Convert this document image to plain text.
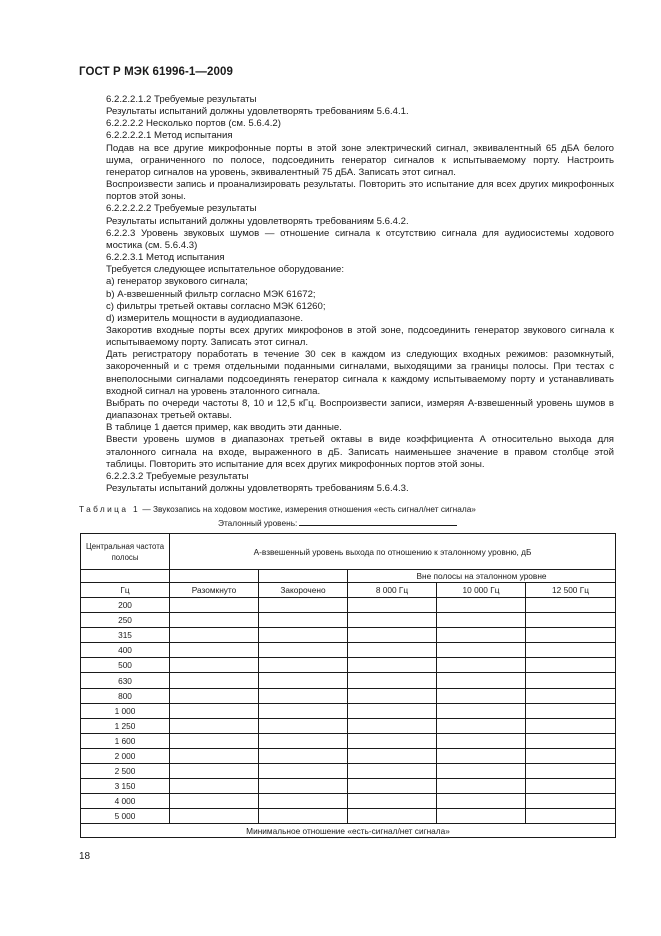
ГОСТ Р МЭК 61996-1—2009

6.2.2.2.1.2 Требуемые результаты

Результаты испытаний должны удовлетворять требованиям 5.6.4.1.

6.2.2.2.2 Несколько портов (см. 5.6.4.2)

6.2.2.2.2.1 Метод испытания

Подав на все другие микрофонные порты в этой зоне электрический сигнал, эквивалентный 65 дБА белого шума, ограниченного по полосе, подсоединить генератор сигналов к испытываемому порту. Настроить генератор сигналов на уровень, эквивалентный 75 дБА. Записать этот сигнал.

Воспроизвести запись и проанализировать результаты. Повторить это испытание для всех других микрофонных портов этой зоны.

6.2.2.2.2.2 Требуемые результаты

Результаты испытаний должны удовлетворять требованиям 5.6.4.2.

6.2.2.3 Уровень звуковых шумов — отношение сигнала к отсутствию сигнала для аудиосистемы ходового мостика (см. 5.6.4.3)

6.2.2.3.1 Метод испытания

Требуется следующее испытательное оборудование:

a) генератор звукового сигнала;

b) А-взвешенный фильтр согласно МЭК 61672;

c) фильтры третьей октавы согласно МЭК 61260;

d) измеритель мощности в аудиодиапазоне.

Закоротив входные порты всех других микрофонов в этой зоне, подсоединить генератор звукового сигнала к испытываемому порту. Записать этот сигнал.

Дать регистратору поработать в течение 30 сек в каждом из следующих входных режимов: разомкнутый, закороченный и с тремя отдельными поданными сигналами, выходящими за границы полосы. При тестах с внеполосными сигналами подсоединять генератор сигнала к каждому испытываемому порту и устанавливать входной сигнал на уровень эталонного сигнала.

Выбрать по очереди частоты 8, 10 и 12,5 кГц. Воспроизвести записи, измеряя А-взвешенный уровень шумов в диапазонах третьей октавы.

В таблице 1 дается пример, как вводить эти данные.

Ввести уровень шумов в диапазонах третьей октавы в виде коэффициента А относительно выхода для эталонного сигнала на входе, выраженного в дБ. Записать наименьшее значение в правом столбце этой таблицы. Повторить это испытание для всех других микрофонных портов этой зоны.

6.2.2.3.2 Требуемые результаты

Результаты испытаний должны удовлетворять требованиям 5.6.4.3.

Таблица 1 — Звукозапись на ходовом мостике, измерения отношения «есть сигнал/нет сигнала»
Эталонный уровень:
Центральная частота полосы	А-взвешенный уровень выхода по отношению к эталонному уровню, дБ				
			Вне полосы на эталонном уровне		
Гц	Разомкнуто	Закорочено	8 000 Гц	10 000 Гц	12 500 Гц
200					
250					
315					
400					
500					
630					
800					
1 000					
1 250					
1 600					
2 000					
2 500					
3 150					
4 000					
5 000					
Минимальное отношение «есть-сигнал/нет сигнала»					
18
